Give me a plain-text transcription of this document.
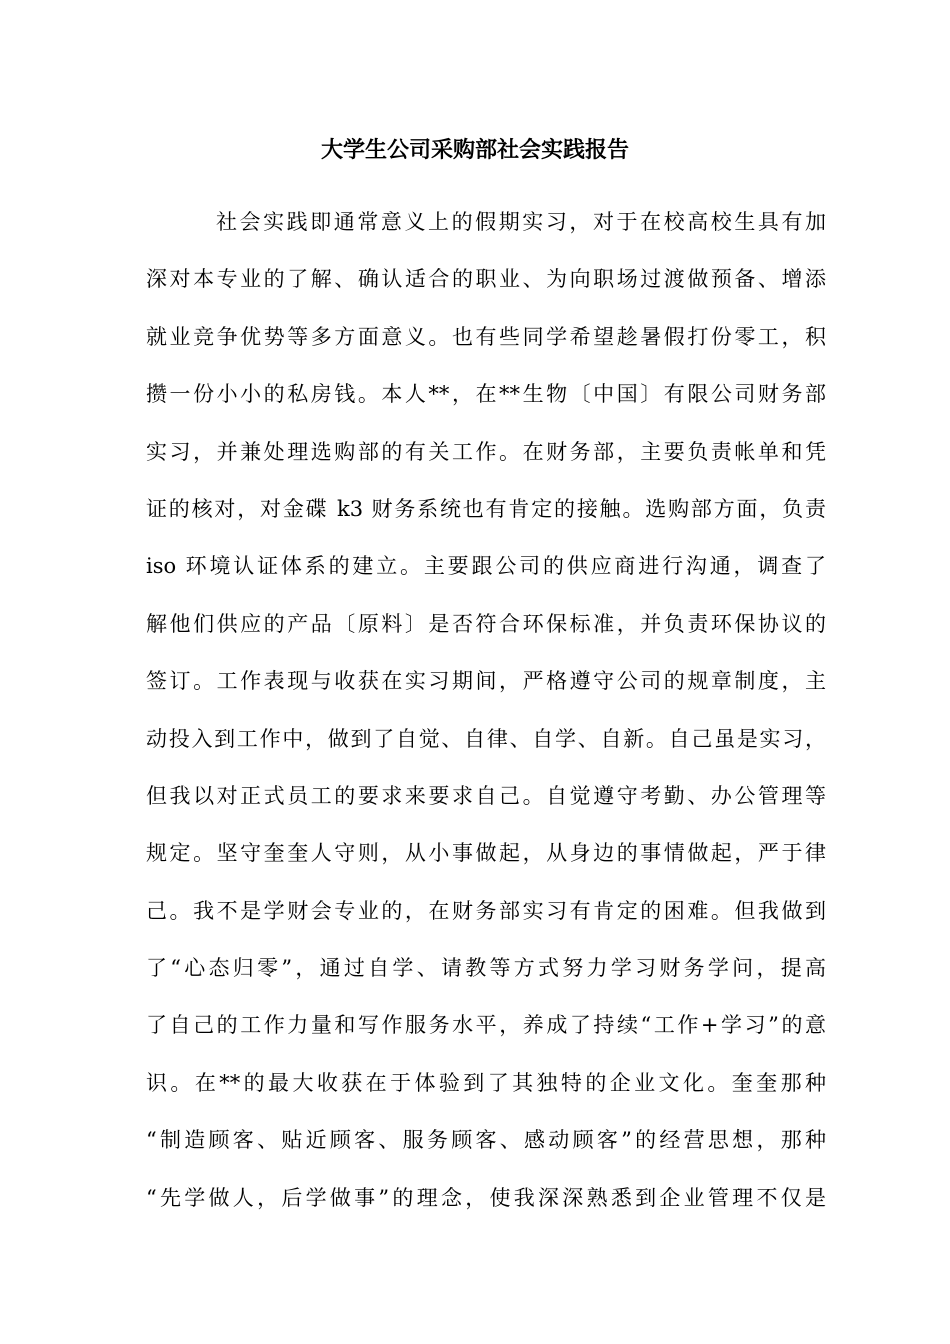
大学生公司采购部社会实践报告
社会实践即通常意义上的假期实习，对于在校高校生具有加
深对本专业的了解、确认适合的职业、为向职场过渡做预备、增添
就业竞争优势等多方面意义。也有些同学希望趁暑假打份零工，积
攒一份小小的私房钱。本人**，在**生物〔中国〕有限公司财务部
实习，并兼处理选购部的有关工作。在财务部，主要负责帐单和凭
证的核对，对金碟 k3 财务系统也有肯定的接触。选购部方面，负责
iso 环境认证体系的建立。主要跟公司的供应商进行沟通，调查了
解他们供应的产品〔原料〕是否符合环保标准，并负责环保协议的
签订。工作表现与收获在实习期间，严格遵守公司的规章制度，主
动投入到工作中，做到了自觉、自律、自学、自新。自己虽是实习，
但我以对正式员工的要求来要求自己。自觉遵守考勤、办公管理等
规定。坚守奎奎人守则，从小事做起，从身边的事情做起，严于律
己。我不是学财会专业的，在财务部实习有肯定的困难。但我做到
了“心态归零”，通过自学、请教等方式努力学习财务学问，提高
了自己的工作力量和写作服务水平，养成了持续“工作+学习”的意
识。在**的最大收获在于体验到了其独特的企业文化。奎奎那种
“制造顾客、贴近顾客、服务顾客、感动顾客”的经营思想，那种
“先学做人，后学做事”的理念，使我深深熟悉到企业管理不仅是
